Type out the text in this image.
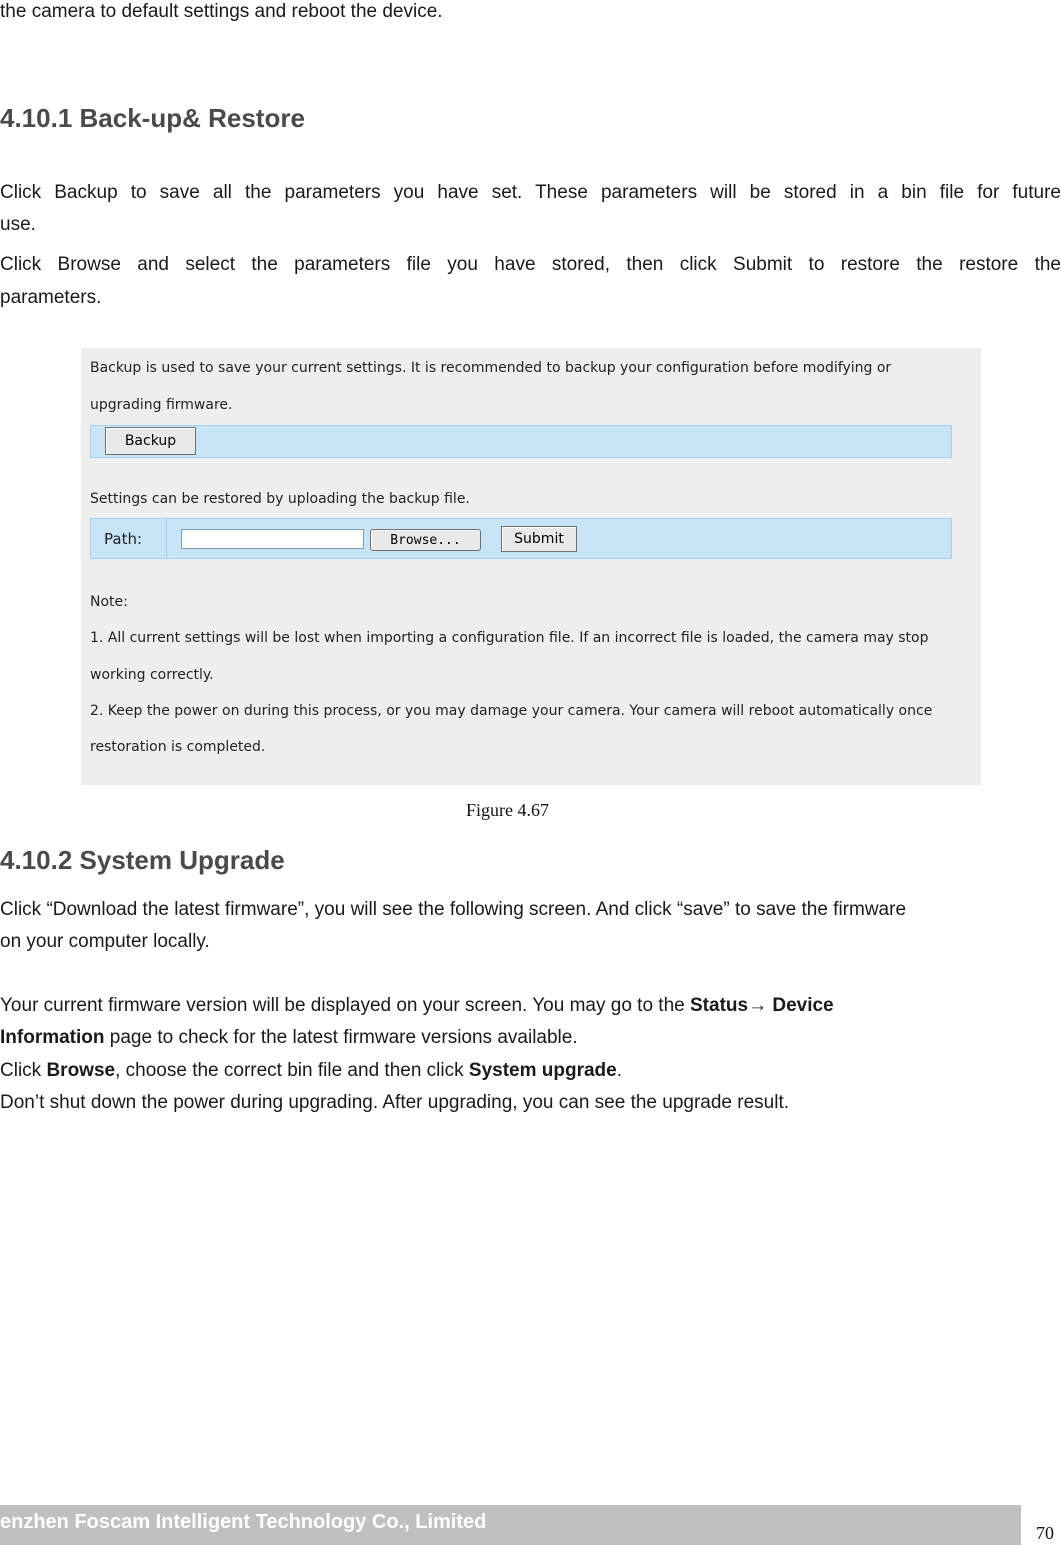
the camera to default settings and reboot the device.
4.10.1 Back-up& Restore
Click Backup to save all the parameters you have set. These parameters will be stored in a bin file for future
use.
Click Browse and select the parameters file you have stored, then click Submit to restore the restore the
parameters.
Backup is used to save your current settings. It is recommended to backup your configuration before modifying or
upgrading firmware.
Backup
Settings can be restored by uploading the backup file.
Path:	Browse...	Submit
Note:
1. All current settings will be lost when importing a configuration file. If an incorrect file is loaded, the camera may stop
working correctly.
2. Keep the power on during this process, or you may damage your camera. Your camera will reboot automatically once
restoration is completed.
Figure 4.67
4.10.2 System Upgrade
Click “Download the latest firmware”, you will see the following screen. And click “save” to save the firmware
on your computer locally.
Your current firmware version will be displayed on your screen. You may go to the Status→ Device
Information page to check for the latest firmware versions available.
Click Browse, choose the correct bin file and then click System upgrade.
Don’t shut down the power during upgrading. After upgrading, you can see the upgrade result.
enzhen Foscam Intelligent Technology Co., Limited	70
